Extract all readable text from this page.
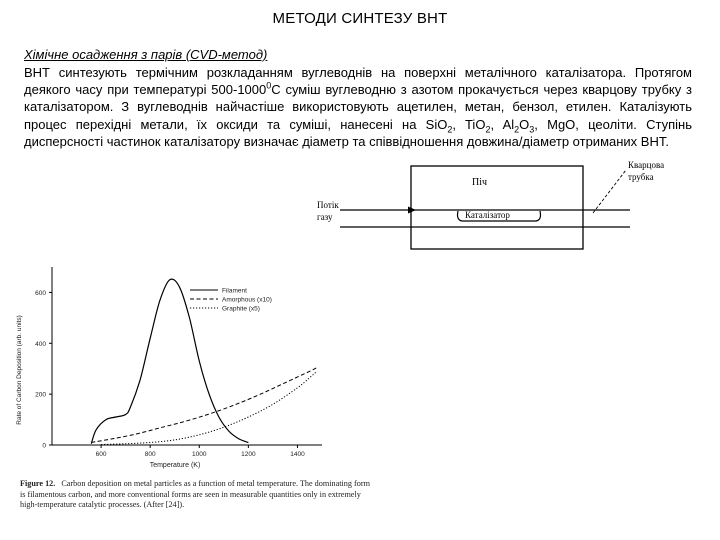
МЕТОДИ СИНТЕЗУ ВНТ
Хімічне осадження з парів (CVD-метод)
ВНТ синтезують термічним розкладанням вуглеводнів на поверхні металічного каталізатора. Протягом деякого часу при температурі 500-1000$^0$С суміш вуглеводню з азотом прокачується через кварцову трубку з каталізатором. З вуглеводнів найчастіше використовують ацетилен, метан, бензол, етилен. Каталізують процес перехідні метали, їх оксиди та суміші, нанесені на SiO$_2$, TiO$_2$, $Al_2O_3$, MgO, цеоліти. Ступінь дисперсності частинок каталізатору визначає діаметр та співвідношення довжина/діаметр отриманих ВНТ.
Піч
Каталізатор
Потік
газу
Кварцова
трубка
600	800	1000	1200	1400
0
200
400
600
Temperature (K)
Rate of Carbon Deposition (arb. units)
Filament
Amorphous (x10)
Graphite (x5)
Figure 12. Carbon deposition on metal particles as a function of metal temperature. The dominating form is filamentous carbon, and more conventional forms are seen in measurable quantities only in extremely high-temperature catalytic processes. (After [24]).
